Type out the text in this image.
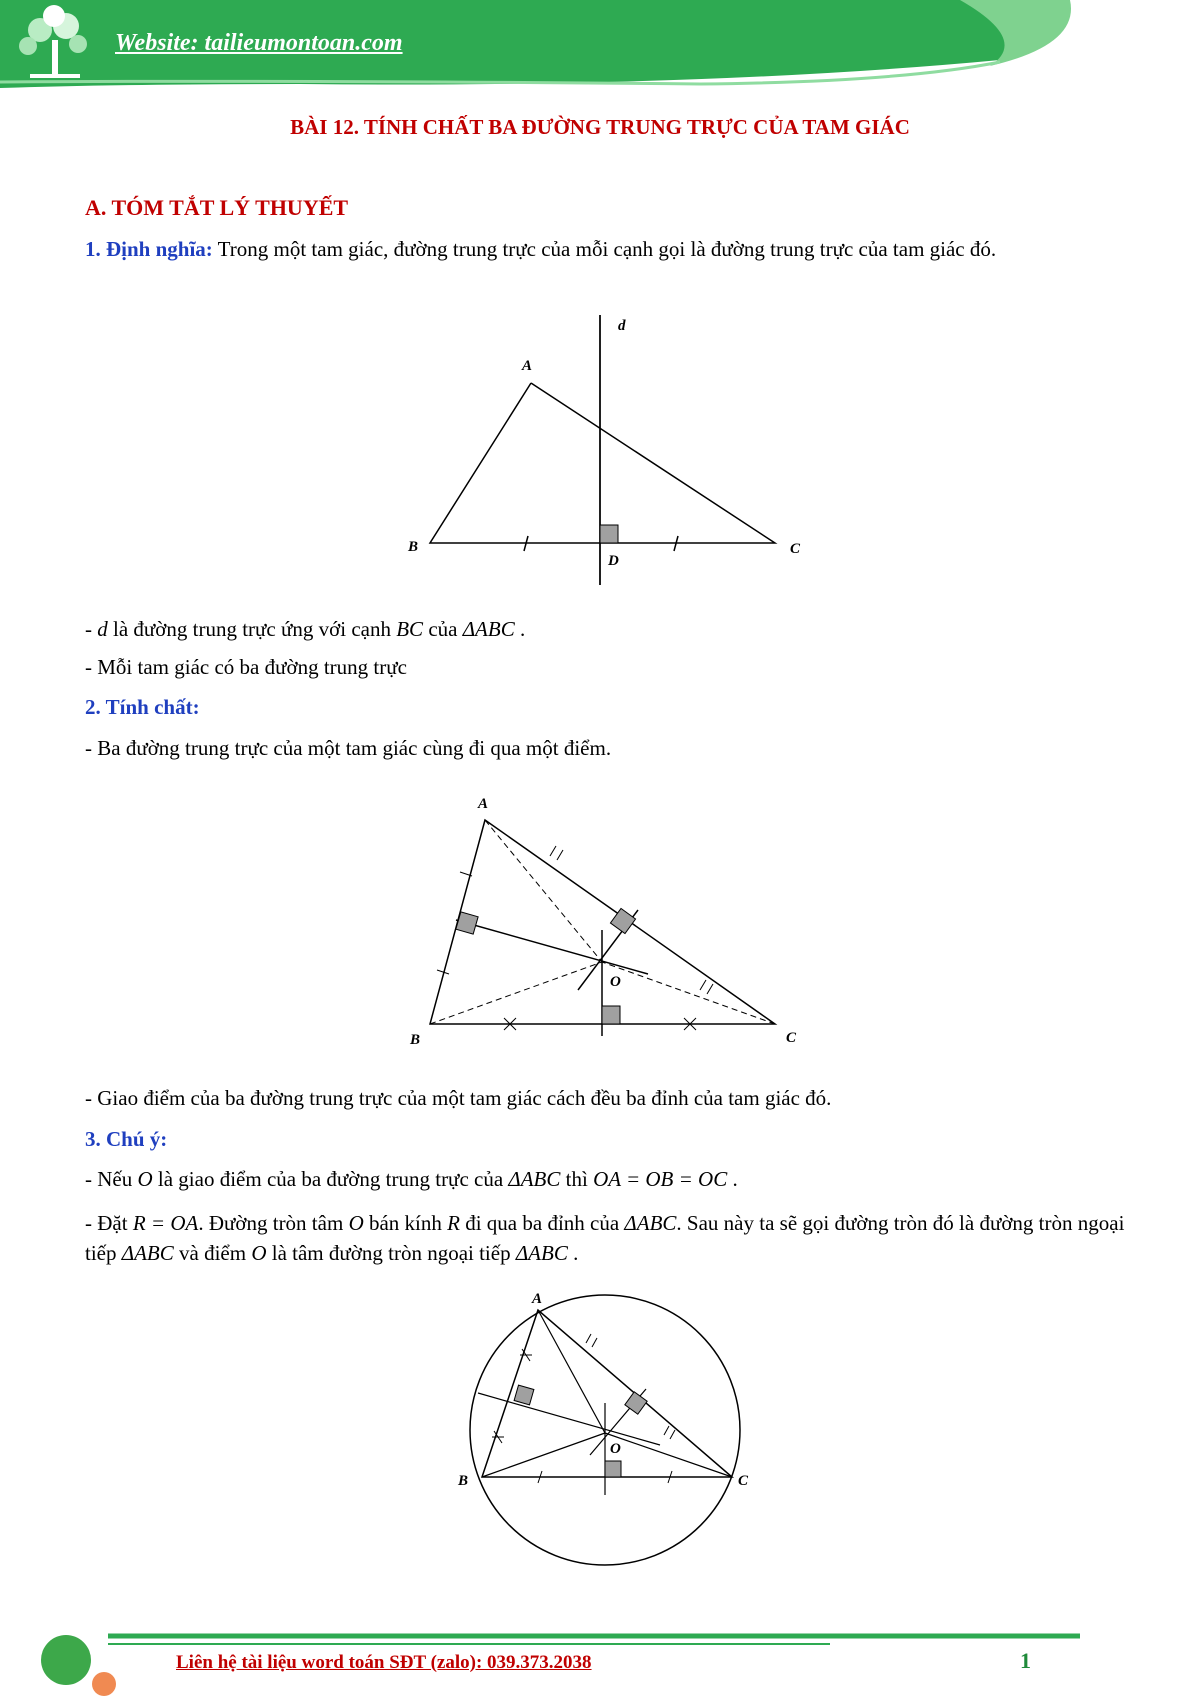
Website: tailieumontoan.com
BÀI 12. TÍNH CHẤT BA ĐƯỜNG TRUNG TRỰC CỦA TAM GIÁC
A. TÓM TẮT LÝ THUYẾT
1. Định nghĩa: Trong một tam giác, đường trung trực của mỗi cạnh gọi là đường trung trực của tam giác đó.
A
B	C
D
d
- d là đường trung trực ứng với cạnh BC của ΔABC .
- Mỗi tam giác có ba đường trung trực
2. Tính chất:
- Ba đường trung trực của một tam giác cùng đi qua một điểm.
A
B	C
O
- Giao điểm của ba đường trung trực của một tam giác cách đều ba đỉnh của tam giác đó.
3. Chú ý:
- Nếu O là giao điểm của ba đường trung trực của ΔABC thì OA = OB = OC .
- Đặt R = OA. Đường tròn tâm O bán kính R đi qua ba đỉnh của ΔABC. Sau này ta sẽ gọi đường tròn đó là đường tròn ngoại tiếp ΔABC và điểm O là tâm đường tròn ngoại tiếp ΔABC .
A
B	C
O
Liên hệ tài liệu word toán SĐT (zalo): 039.373.2038	1
